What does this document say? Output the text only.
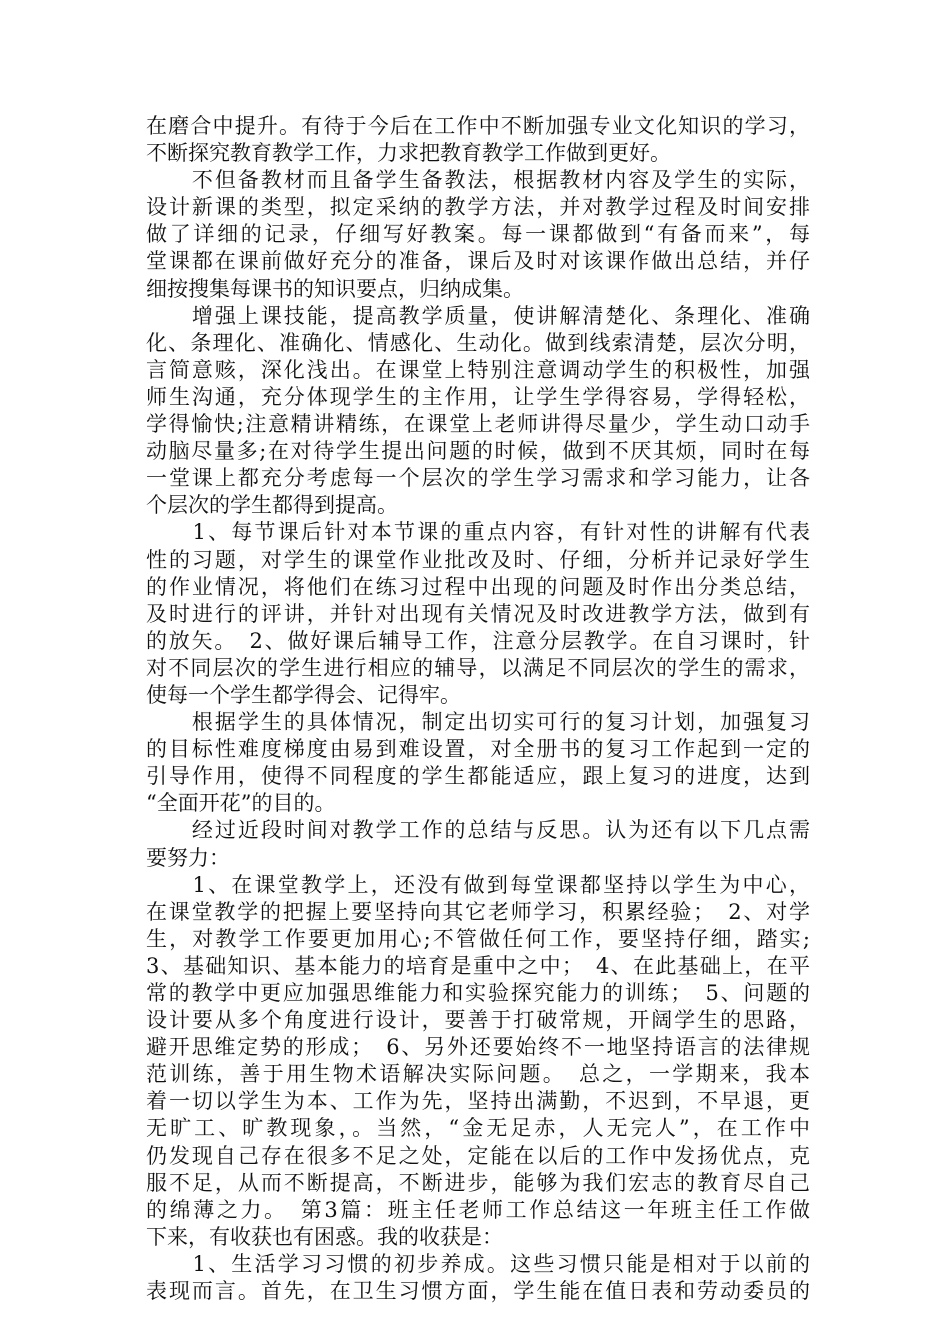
在磨合中提升。有待于今后在工作中不断加强专业文化知识的学习，
不断探究教育教学工作，力求把教育教学工作做到更好。
　　不但备教材而且备学生备教法，根据教材内容及学生的实际，
设计新课的类型，拟定采纳的教学方法，并对教学过程及时间安排
做了详细的记录，仔细写好教案。每一课都做到“有备而来”，每
堂课都在课前做好充分的准备，课后及时对该课作做出总结，并仔
细按搜集每课书的知识要点，归纳成集。
　　增强上课技能，提高教学质量，使讲解清楚化、条理化、准确
化、条理化、准确化、情感化、生动化。做到线索清楚，层次分明，
言简意赅，深化浅出。在课堂上特别注意调动学生的积极性，加强
师生沟通，充分体现学生的主作用，让学生学得容易，学得轻松，
学得愉快;注意精讲精练，在课堂上老师讲得尽量少，学生动口动手
动脑尽量多;在对待学生提出问题的时候，做到不厌其烦，同时在每
一堂课上都充分考虑每一个层次的学生学习需求和学习能力，让各
个层次的学生都得到提高。
　　1、每节课后针对本节课的重点内容，有针对性的讲解有代表
性的习题，对学生的课堂作业批改及时、仔细，分析并记录好学生
的作业情况，将他们在练习过程中出现的问题及时作出分类总结，
及时进行的评讲，并针对出现有关情况及时改进教学方法，做到有
的放矢。　2、做好课后辅导工作，注意分层教学。在自习课时，针
对不同层次的学生进行相应的辅导，以满足不同层次的学生的需求，
使每一个学生都学得会、记得牢。
　　根据学生的具体情况，制定出切实可行的复习计划，加强复习
的目标性难度梯度由易到难设置，对全册书的复习工作起到一定的
引导作用，使得不同程度的学生都能适应，跟上复习的进度，达到
“全面开花”的目的。
　　经过近段时间对教学工作的总结与反思。认为还有以下几点需
要努力：
　　1、在课堂教学上，还没有做到每堂课都坚持以学生为中心，
在课堂教学的把握上要坚持向其它老师学习，积累经验；　2、对学
生，对教学工作要更加用心;不管做任何工作，要坚持仔细，踏实;
3、基础知识、基本能力的培育是重中之中；　4、在此基础上，在平
常的教学中更应加强思维能力和实验探究能力的训练；　5、问题的
设计要从多个角度进行设计，要善于打破常规，开阔学生的思路，
避开思维定势的形成；　6、另外还要始终不一地坚持语言的法律规
范训练，善于用生物术语解决实际问题。　总之，一学期来，我本
着一切以学生为本、工作为先，坚持出满勤，不迟到，不早退，更
无旷工、旷教现象，。当然，“金无足赤，人无完人”，在工作中
仍发现自己存在很多不足之处，定能在以后的工作中发扬优点，克
服不足，从而不断提高，不断进步，能够为我们宏志的教育尽自己
的绵薄之力。　第3篇：班主任老师工作总结这一年班主任工作做
下来，有收获也有困惑。我的收获是：
　　1、生活学习习惯的初步养成。这些习惯只能是相对于以前的
表现而言。首先，在卫生习惯方面，学生能在值日表和劳动委员的
